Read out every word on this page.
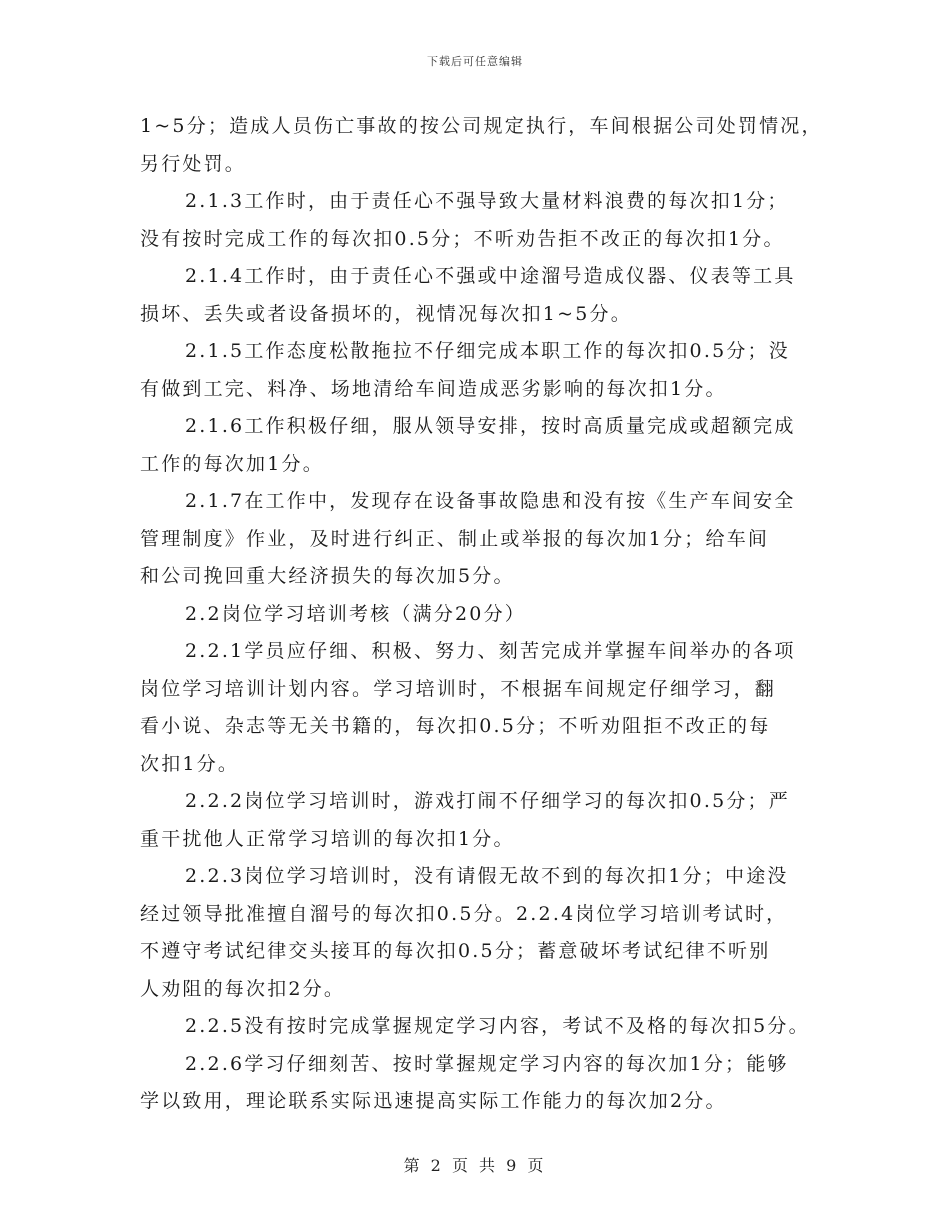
下载后可任意编辑
1~5分；造成人员伤亡事故的按公司规定执行，车间根据公司处罚情况，
另行处罚。
2.1.3工作时，由于责任心不强导致大量材料浪费的每次扣1分；
没有按时完成工作的每次扣0.5分；不听劝告拒不改正的每次扣1分。
2.1.4工作时，由于责任心不强或中途溜号造成仪器、仪表等工具
损坏、丢失或者设备损坏的，视情况每次扣1~5分。
2.1.5工作态度松散拖拉不仔细完成本职工作的每次扣0.5分；没
有做到工完、料净、场地清给车间造成恶劣影响的每次扣1分。
2.1.6工作积极仔细，服从领导安排，按时高质量完成或超额完成
工作的每次加1分。
2.1.7在工作中，发现存在设备事故隐患和没有按《生产车间安全
管理制度》作业，及时进行纠正、制止或举报的每次加1分；给车间
和公司挽回重大经济损失的每次加5分。
2.2岗位学习培训考核（满分20分）
2.2.1学员应仔细、积极、努力、刻苦完成并掌握车间举办的各项
岗位学习培训计划内容。学习培训时，不根据车间规定仔细学习，翻
看小说、杂志等无关书籍的，每次扣0.5分；不听劝阻拒不改正的每
次扣1分。
2.2.2岗位学习培训时，游戏打闹不仔细学习的每次扣0.5分；严
重干扰他人正常学习培训的每次扣1分。
2.2.3岗位学习培训时，没有请假无故不到的每次扣1分；中途没
经过领导批准擅自溜号的每次扣0.5分。2.2.4岗位学习培训考试时，
不遵守考试纪律交头接耳的每次扣0.5分；蓄意破坏考试纪律不听别
人劝阻的每次扣2分。
2.2.5没有按时完成掌握规定学习内容，考试不及格的每次扣5分。
2.2.6学习仔细刻苦、按时掌握规定学习内容的每次加1分；能够
学以致用，理论联系实际迅速提高实际工作能力的每次加2分。
第 2 页 共 9 页
